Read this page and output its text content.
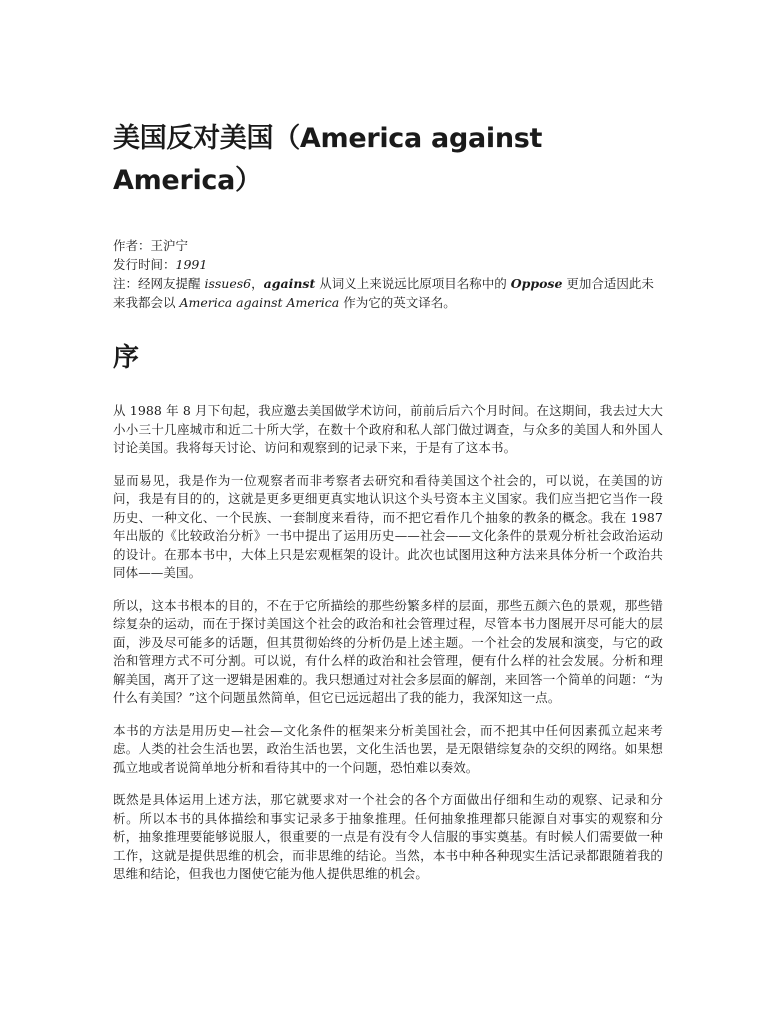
美国反对美国（America against America）
作者：王沪宁
发行时间：1991
注：经网友提醒 issues6，against 从词义上来说远比原项目名称中的 Oppose 更加合适因此未来我都会以 America against America 作为它的英文译名。
序

从 1988 年 8 月下旬起，我应邀去美国做学术访问，前前后后六个月时间。在这期间，我去过大大小小三十几座城市和近二十所大学，在数十个政府和私人部门做过调查，与众多的美国人和外国人讨论美国。我将每天讨论、访问和观察到的记录下来，于是有了这本书。

显而易见，我是作为一位观察者而非考察者去研究和看待美国这个社会的，可以说，在美国的访问，我是有目的的，这就是更多更细更真实地认识这个头号资本主义国家。我们应当把它当作一段历史、一种文化、一个民族、一套制度来看待，而不把它看作几个抽象的教条的概念。我在 1987 年出版的《比较政治分析》一书中提出了运用历史——社会——文化条件的景观分析社会政治运动的设计。在那本书中，大体上只是宏观框架的设计。此次也试图用这种方法来具体分析一个政治共同体——美国。

所以，这本书根本的目的，不在于它所描绘的那些纷繁多样的层面，那些五颜六色的景观，那些错综复杂的运动，而在于探讨美国这个社会的政治和社会管理过程，尽管本书力图展开尽可能大的层面，涉及尽可能多的话题，但其贯彻始终的分析仍是上述主题。一个社会的发展和演变，与它的政治和管理方式不可分割。可以说，有什么样的政治和社会管理，便有什么样的社会发展。分析和理解美国，离开了这一逻辑是困难的。我只想通过对社会多层面的解剖，来回答一个简单的问题：“为什么有美国？”这个问题虽然简单，但它已远远超出了我的能力，我深知这一点。

本书的方法是用历史—社会—文化条件的框架来分析美国社会，而不把其中任何因素孤立起来考虑。人类的社会生活也罢，政治生活也罢，文化生活也罢，是无限错综复杂的交织的网络。如果想孤立地或者说简单地分析和看待其中的一个问题，恐怕难以奏效。

既然是具体运用上述方法，那它就要求对一个社会的各个方面做出仔细和生动的观察、记录和分析。所以本书的具体描绘和事实记录多于抽象推理。任何抽象推理都只能源自对事实的观察和分析，抽象推理要能够说服人，很重要的一点是有没有令人信服的事实奠基。有时候人们需要做一种工作，这就是提供思维的机会，而非思维的结论。当然，本书中种各种现实生活记录都跟随着我的思维和结论，但我也力图使它能为他人提供思维的机会。
